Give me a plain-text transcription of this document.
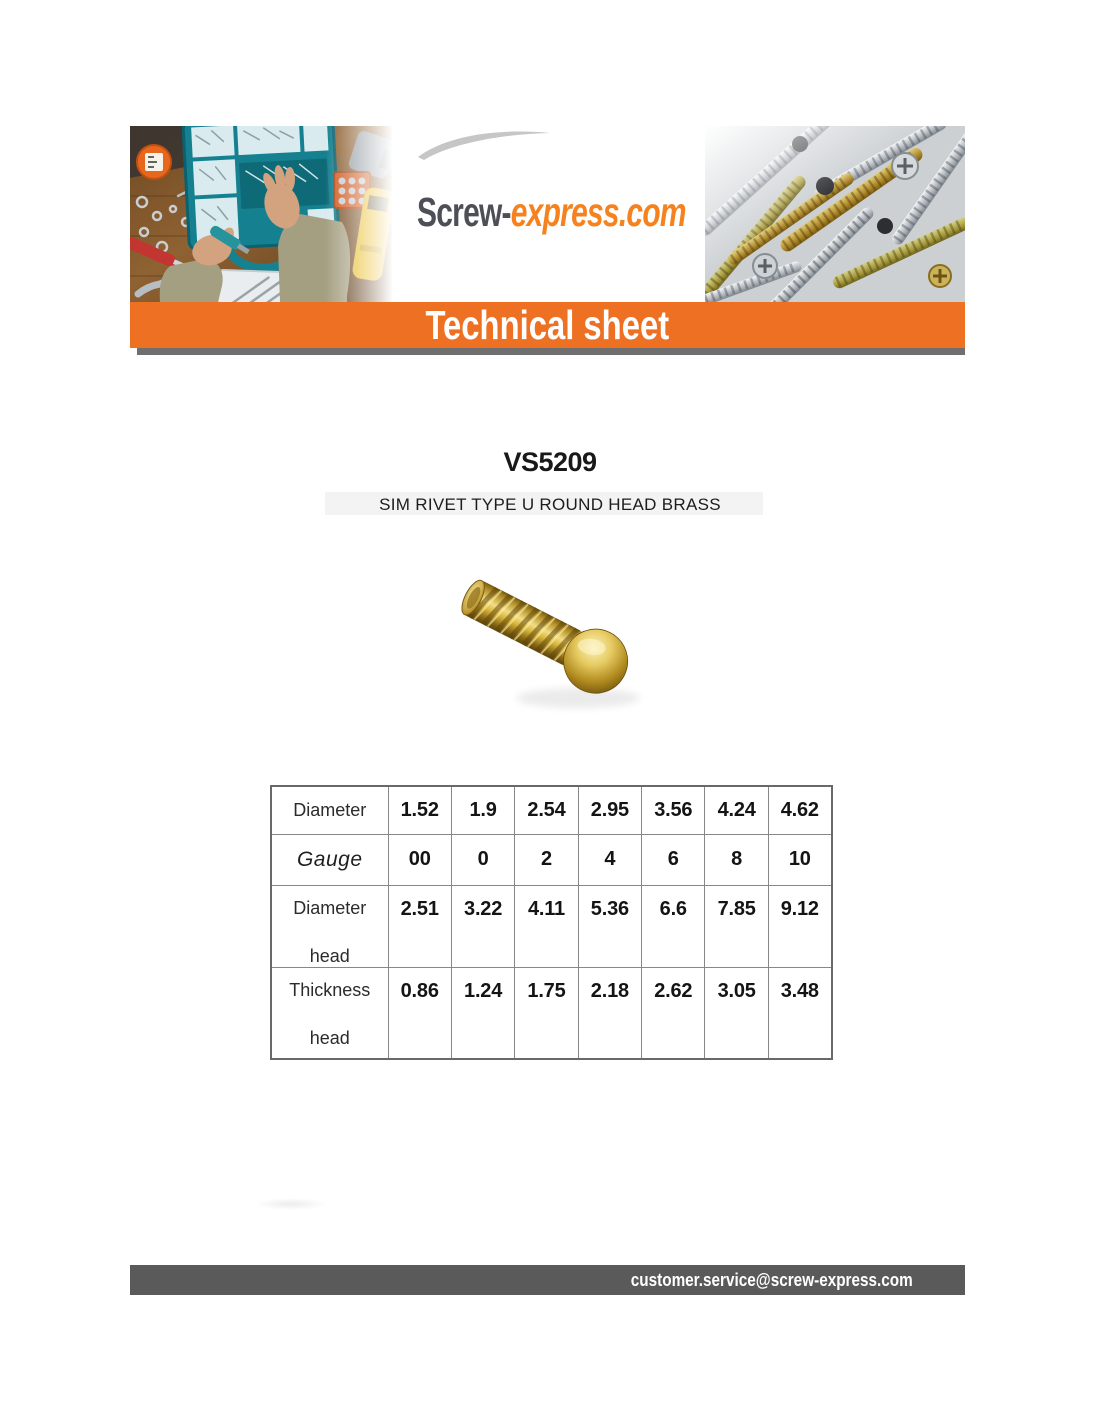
Screw-express.com
Technical sheet
VS5209
SIM RIVET TYPE U ROUND HEAD BRASS
Diameter	1.52	1.9	2.54	2.95	3.56	4.24	4.62
Gauge	00	0	2	4	6	8	10

Diameter
head	2.51	3.22	4.11	5.36	6.6	7.85	9.12

Thickness
head	0.86	1.24	1.75	2.18	2.62	3.05	3.48
customer.service@screw-express.com
